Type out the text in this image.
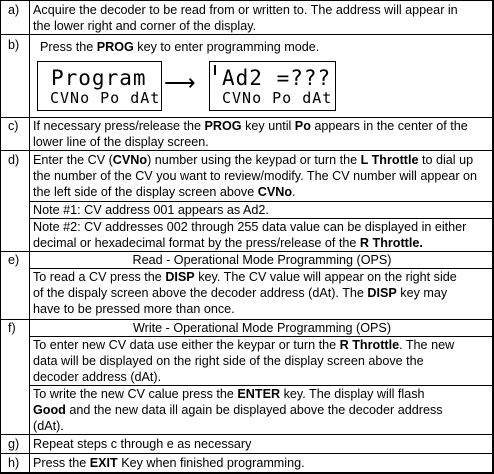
a) Acquire the decoder to be read from or written to. The address will appear in
the lower right and corner of the display.
b) Press the PROG key to enter programming mode.
Program
CVNo Po dAt
⟶ Ad2 =???
CVNo Po dAt
c) If necessary press/release the PROG key until Po appears in the center of the
lower line of the display screen.
d) Enter the CV (CVNo) number using the keypad or turn the L Throttle to dial up
the number of the CV you want to review/modify. The CV number will appear on
the left side of the display screen above CVNo.
Note #1: CV address 001 appears as Ad2.
Note #2: CV addresses 002 through 255 data value can be displayed in either
decimal or hexadecimal format by the press/release of the R Throttle.
e)	Read - Operational Mode Programming (OPS)
To read a CV press the DISP key. The CV value will appear on the right side
of the dispaly screen above the decoder address (dAt). The DISP key may
have to be pressed more than once.
f)	Write - Operational Mode Programming (OPS)
To enter new CV data use either the keypar or turn the R Throttle. The new
data will be displayed on the right side of the display screen above the
decoder address (dAt).
To write the new CV calue press the ENTER key. The display will flash
Good and the new data ill again be displayed above the decoder address
(dAt).
g) Repeat steps c through e as necessary
h) Press the EXIT Key when finished programming.
